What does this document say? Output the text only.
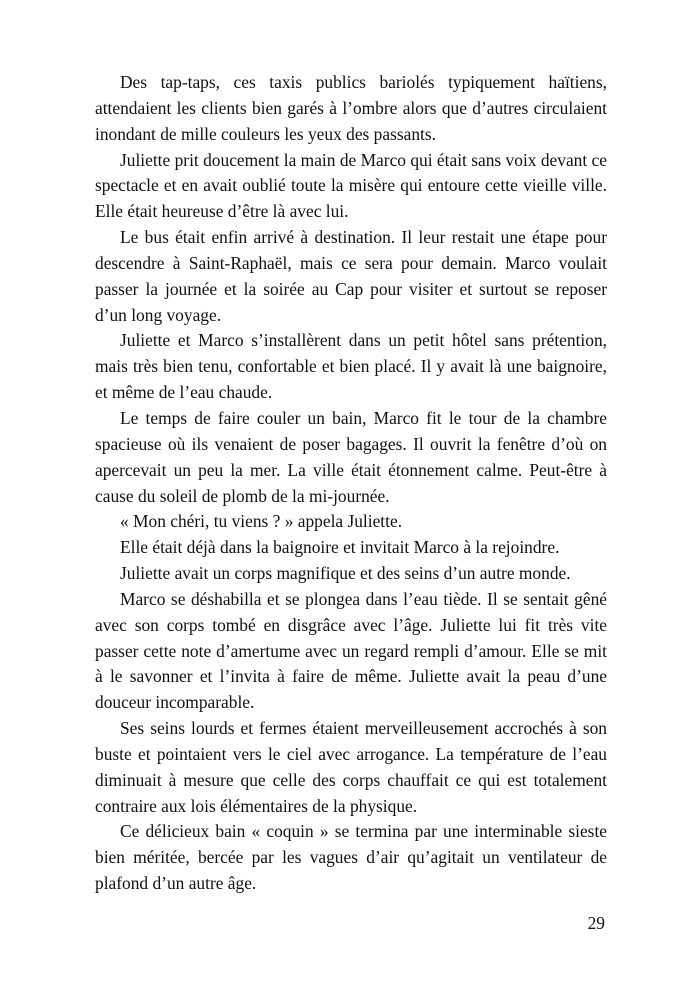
Des tap-taps, ces taxis publics bariolés typiquement haïtiens, attendaient les clients bien garés à l’ombre alors que d’autres circulaient inondant de mille couleurs les yeux des passants.

Juliette prit doucement la main de Marco qui était sans voix devant ce spectacle et en avait oublié toute la misère qui entoure cette vieille ville. Elle était heureuse d’être là avec lui.

Le bus était enfin arrivé à destination. Il leur restait une étape pour descendre à Saint-Raphaël, mais ce sera pour demain. Marco voulait passer la journée et la soirée au Cap pour visiter et surtout se reposer d’un long voyage.

Juliette et Marco s’installèrent dans un petit hôtel sans prétention, mais très bien tenu, confortable et bien placé. Il y avait là une baignoire, et même de l’eau chaude.

Le temps de faire couler un bain, Marco fit le tour de la chambre spacieuse où ils venaient de poser bagages. Il ouvrit la fenêtre d’où on apercevait un peu la mer. La ville était étonnement calme. Peut-être à cause du soleil de plomb de la mi-journée.

« Mon chéri, tu viens ? » appela Juliette.

Elle était déjà dans la baignoire et invitait Marco à la rejoindre.

Juliette avait un corps magnifique et des seins d’un autre monde.

Marco se déshabilla et se plongea dans l’eau tiède. Il se sentait gêné avec son corps tombé en disgrâce avec l’âge. Juliette lui fit très vite passer cette note d’amertume avec un regard rempli d’amour. Elle se mit à le savonner et l’invita à faire de même. Juliette avait la peau d’une douceur incomparable.

Ses seins lourds et fermes étaient merveilleusement accrochés à son buste et pointaient vers le ciel avec arrogance. La température de l’eau diminuait à mesure que celle des corps chauffait ce qui est totalement contraire aux lois élémentaires de la physique.

Ce délicieux bain « coquin » se termina par une interminable sieste bien méritée, bercée par les vagues d’air qu’agitait un ventilateur de plafond d’un autre âge.

29
